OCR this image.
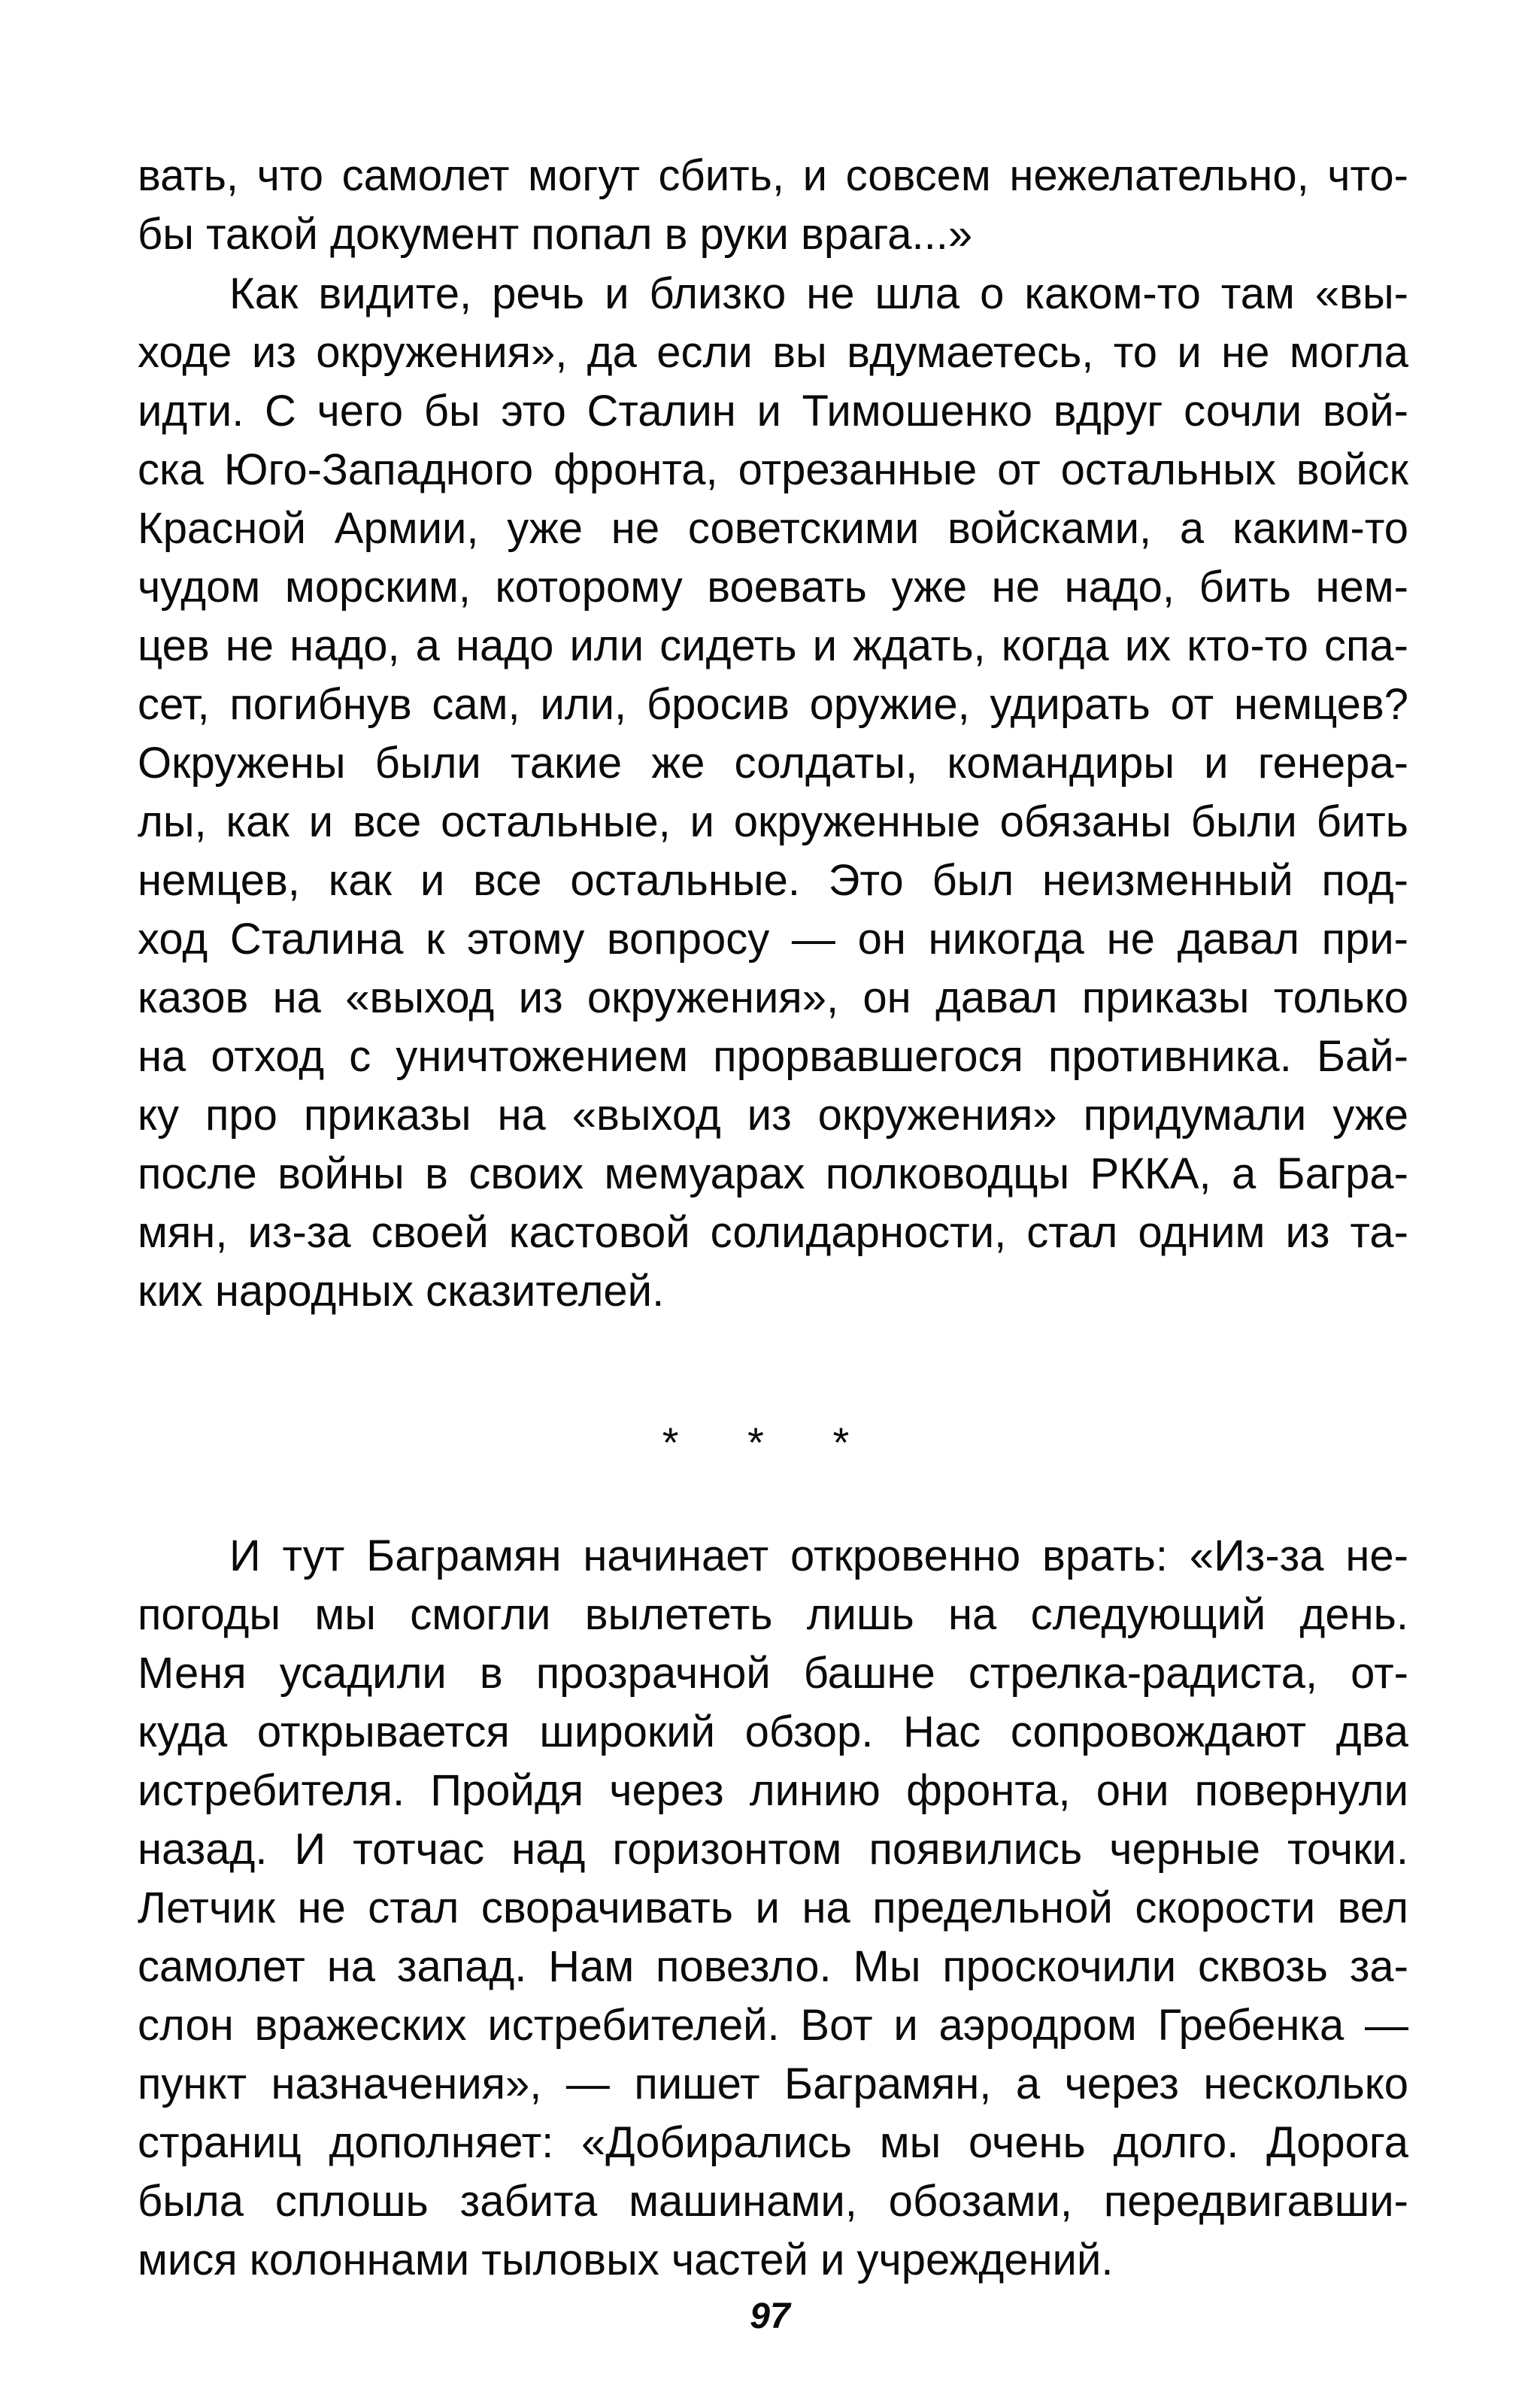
вать, что самолет могут сбить, и совсем нежелательно, что-
бы такой документ попал в руки врага...»
Как видите, речь и близко не шла о каком-то там «вы-
ходе из окружения», да если вы вдумаетесь, то и не могла
идти. С чего бы это Сталин и Тимошенко вдруг сочли вой-
ска Юго-Западного фронта, отрезанные от остальных войск
Красной Армии, уже не советскими войсками, а каким-то
чудом морским, которому воевать уже не надо, бить нем-
цев не надо, а надо или сидеть и ждать, когда их кто-то спа-
сет, погибнув сам, или, бросив оружие, удирать от немцев?
Окружены были такие же солдаты, командиры и генера-
лы, как и все остальные, и окруженные обязаны были бить
немцев, как и все остальные. Это был неизменный под-
ход Сталина к этому вопросу — он никогда не давал при-
казов на «выход из окружения», он давал приказы только
на отход с уничтожением прорвавшегося противника. Бай-
ку про приказы на «выход из окружения» придумали уже
после войны в своих мемуарах полководцы РККА, а Багра-
мян, из-за своей кастовой солидарности, стал одним из та-
ких народных сказителей.
* * *
И тут Баграмян начинает откровенно врать: «Из-за не-
погоды мы смогли вылететь лишь на следующий день.
Меня усадили в прозрачной башне стрелка-радиста, от-
куда открывается широкий обзор. Нас сопровождают два
истребителя. Пройдя через линию фронта, они повернули
назад. И тотчас над горизонтом появились черные точки.
Летчик не стал сворачивать и на предельной скорости вел
самолет на запад. Нам повезло. Мы проскочили сквозь за-
слон вражеских истребителей. Вот и аэродром Гребенка —
пункт назначения», — пишет Баграмян, а через несколько
страниц дополняет: «Добирались мы очень долго. Дорога
была сплошь забита машинами, обозами, передвигавши-
мися колоннами тыловых частей и учреждений.
97
